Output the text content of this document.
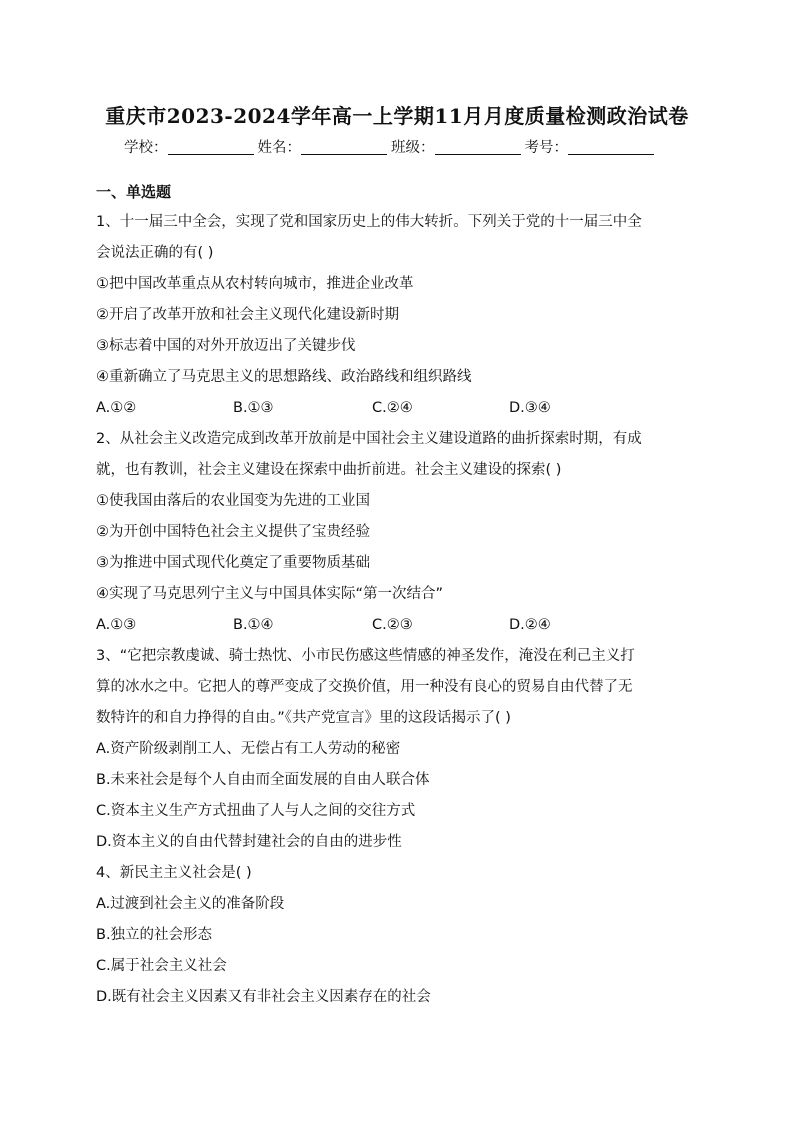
重庆市2023-2024学年高一上学期11月月度质量检测政治试卷
学校：	姓名：	班级：	考号：
一、单选题
1、十一届三中全会，实现了党和国家历史上的伟大转折。下列关于党的十一届三中全
会说法正确的有( )
①把中国改革重点从农村转向城市，推进企业改革
②开启了改革开放和社会主义现代化建设新时期
③标志着中国的对外开放迈出了关键步伐
④重新确立了马克思主义的思想路线、政治路线和组织路线
A.①②	B.①③	C.②④	D.③④
2、从社会主义改造完成到改革开放前是中国社会主义建设道路的曲折探索时期，有成
就，也有教训，社会主义建设在探索中曲折前进。社会主义建设的探索( )
①使我国由落后的农业国变为先进的工业国
②为开创中国特色社会主义提供了宝贵经验
③为推进中国式现代化奠定了重要物质基础
④实现了马克思列宁主义与中国具体实际“第一次结合”
A.①③	B.①④	C.②③	D.②④
3、“它把宗教虔诚、骑士热忱、小市民伤感这些情感的神圣发作，淹没在利己主义打
算的冰水之中。它把人的尊严变成了交换价值，用一种没有良心的贸易自由代替了无
数特许的和自力挣得的自由。”《共产党宣言》里的这段话揭示了( )
A.资产阶级剥削工人、无偿占有工人劳动的秘密
B.未来社会是每个人自由而全面发展的自由人联合体
C.资本主义生产方式扭曲了人与人之间的交往方式
D.资本主义的自由代替封建社会的自由的进步性
4、新民主主义社会是( )
A.过渡到社会主义的准备阶段
B.独立的社会形态
C.属于社会主义社会
D.既有社会主义因素又有非社会主义因素存在的社会
